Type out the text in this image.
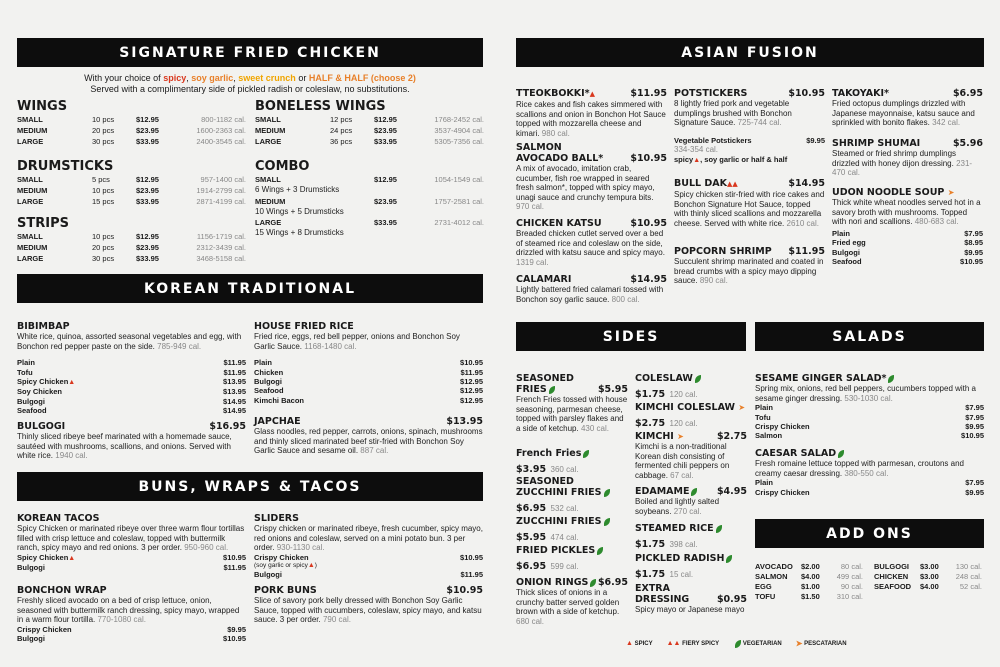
SIGNATURE FRIED CHICKEN
With your choice of spicy, soy garlic, sweet crunch or HALF & HALF (choose 2)
Served with a complimentary side of pickled radish or coleslaw, no substitutions.
WINGS
SMALL	10 pcs	$12.95	800-1182 cal.
MEDIUM	20 pcs	$23.95	1600-2363 cal.
LARGE	30 pcs	$33.95	2400-3545 cal.
DRUMSTICKS
SMALL	5 pcs	$12.95	957-1400 cal.
MEDIUM	10 pcs	$23.95	1914-2799 cal.
LARGE	15 pcs	$33.95	2871-4199 cal.
STRIPS
SMALL	10 pcs	$12.95	1156-1719 cal.
MEDIUM	20 pcs	$23.95	2312-3439 cal.
LARGE	30 pcs	$33.95	3468-5158 cal.
BONELESS WINGS
SMALL	12 pcs	$12.95	1768-2452 cal.
MEDIUM	24 pcs	$23.95	3537-4904 cal.
LARGE	36 pcs	$33.95	5305-7356 cal.
COMBO
SMALL	$12.95	1054-1549 cal.
6 Wings + 3 Drumsticks
MEDIUM	$23.95	1757-2581 cal.
10 Wings + 5 Drumsticks
LARGE	$33.95	2731-4012 cal.
15 Wings + 8 Drumsticks
KOREAN TRADITIONAL
BIBIMBAP
White rice, quinoa, assorted seasonal vegetables and egg, with Bonchon red pepper paste on the side. 785-949 cal.
Plain	$11.95
Tofu	$11.95
Spicy Chicken▲	$13.95
Soy Chicken	$13.95
Bulgogi	$14.95
Seafood	$14.95
BULGOGI	$16.95
Thinly sliced ribeye beef marinated with a homemade sauce, sautéed with mushrooms, scallions, and onions. Served with white rice. 1940 cal.
HOUSE FRIED RICE
Fried rice, eggs, red bell pepper, onions and Bonchon Soy Garlic Sauce. 1168-1480 cal.
Plain	$10.95
Chicken	$11.95
Bulgogi	$12.95
Seafood	$12.95
Kimchi Bacon	$12.95
JAPCHAE	$13.95
Glass noodles, red pepper, carrots, onions, spinach, mushrooms and thinly sliced marinated beef stir-fried with Bonchon Soy Garlic Sauce and sesame oil. 887 cal.
BUNS, WRAPS & TACOS
KOREAN TACOS
Spicy Chicken or marinated ribeye over three warm flour tortillas filled with crisp lettuce and coleslaw, topped with buttermilk ranch, spicy mayo and red onions. 3 per order. 950-960 cal.
Spicy Chicken▲	$10.95
Bulgogi	$11.95
BONCHON WRAP
Freshly sliced avocado on a bed of crisp lettuce, onion, seasoned with buttermilk ranch dressing, spicy mayo, wrapped in a warm flour tortilla. 770-1080 cal.
Crispy Chicken	$9.95
Bulgogi	$10.95
SLIDERS
Crispy chicken or marinated ribeye, fresh cucumber, spicy mayo, red onions and coleslaw, served on a mini potato bun. 3 per order. 930-1130 cal.
Crispy Chicken	$10.95
(soy garlic or spicy▲)
Bulgogi	$11.95
PORK BUNS	$10.95
Slice of savory pork belly dressed with Bonchon Soy Garlic Sauce, topped with cucumbers, coleslaw, spicy mayo, and katsu sauce. 3 per order. 790 cal.
ASIAN FUSION
TTEOKBOKKI*▲	$11.95
Rice cakes and fish cakes simmered with scallions and onion in Bonchon Hot Sauce topped with mozzarella cheese and kimari. 980 cal.
SALMON
AVOCADO BALL*	$10.95
A mix of avocado, imitation crab, cucumber, fish roe wrapped in seared fresh salmon*, topped with spicy mayo, unagi sauce and crunchy tempura bits. 970 cal.
CHICKEN KATSU	$10.95
Breaded chicken cutlet served over a bed of steamed rice and coleslaw on the side, drizzled with katsu sauce and spicy mayo. 1319 cal.
CALAMARI	$14.95
Lightly battered fried calamari tossed with Bonchon soy garlic sauce. 800 cal.
POTSTICKERS	$10.95
8 lightly fried pork and vegetable dumplings brushed with Bonchon Signature Sauce. 725-744 cal.
Vegetable Potstickers	$9.95
334-354 cal.
spicy▲, soy garlic or half & half
BULL DAK▲▲	$14.95
Spicy chicken stir-fried with rice cakes and Bonchon Signature Hot Sauce, topped with thinly sliced scallions and mozzarella cheese. Served with white rice. 2610 cal.
POPCORN SHRIMP $11.95
Succulent shrimp marinated and coated in bread crumbs with a spicy mayo dipping sauce. 890 cal.
TAKOYAKI*	$6.95
Fried octopus dumplings drizzled with Japanese mayonnaise, katsu sauce and sprinkled with bonito flakes. 342 cal.
SHRIMP SHUMAI	$5.96
Steamed or fried shrimp dumplings drizzled with honey dijon dressing. 231-470 cal.
UDON NOODLE SOUP ➤
Thick white wheat noodles served hot in a savory broth with mushrooms. Topped with nori and scallions. 480-683 cal.
Plain	$7.95
Fried egg	$8.95
Bulgogi	$9.95
Seafood	$10.95
SIDES
SEASONED
FRIES	$5.95
French Fries tossed with house seasoning, parmesan cheese, topped with parsley flakes and a side of ketchup. 430 cal.
French Fries
$3.95 360 cal.
SEASONED
ZUCCHINI FRIES
$6.95 532 cal.
ZUCCHINI FRIES
$5.95 474 cal.
FRIED PICKLES
$6.95 599 cal.
ONION RINGS	$6.95
Thick slices of onions in a crunchy batter served golden brown with a side of ketchup. 680 cal.
COLESLAW
$1.75 120 cal.
KIMCHI COLESLAW ➤
$2.75 120 cal.
KIMCHI ➤	$2.75
Kimchi is a non-traditional Korean dish consisting of fermented chili peppers on cabbage. 67 cal.
EDAMAME	$4.95
Boiled and lightly salted soybeans. 270 cal.
STEAMED RICE
$1.75 398 cal.
PICKLED RADISH
$1.75 15 cal.
EXTRA
DRESSING	$0.95
Spicy mayo or Japanese mayo
SALADS
SESAME GINGER SALAD*
Spring mix, onions, red bell peppers, cucumbers topped with a sesame ginger dressing. 530-1030 cal.
Plain	$7.95
Tofu	$7.95
Crispy Chicken	$9.95
Salmon	$10.95
CAESAR SALAD
Fresh romaine lettuce topped with parmesan, croutons and creamy caesar dressing. 380-550 cal.
Plain	$7.95
Crispy Chicken	$9.95
ADD ONS
AVOCADO	$2.00	80 cal.
SALMON	$4.00	499 cal.
EGG	$1.00	90 cal.
TOFU	$1.50	310 cal.
BULGOGI	$3.00	130 cal.
CHICKEN	$3.00	248 cal.
SEAFOOD	$4.00	52 cal.
▲
SPICY ▲▲
FIERY SPICY
	VEGETARIAN ➤
PESCATARIAN
